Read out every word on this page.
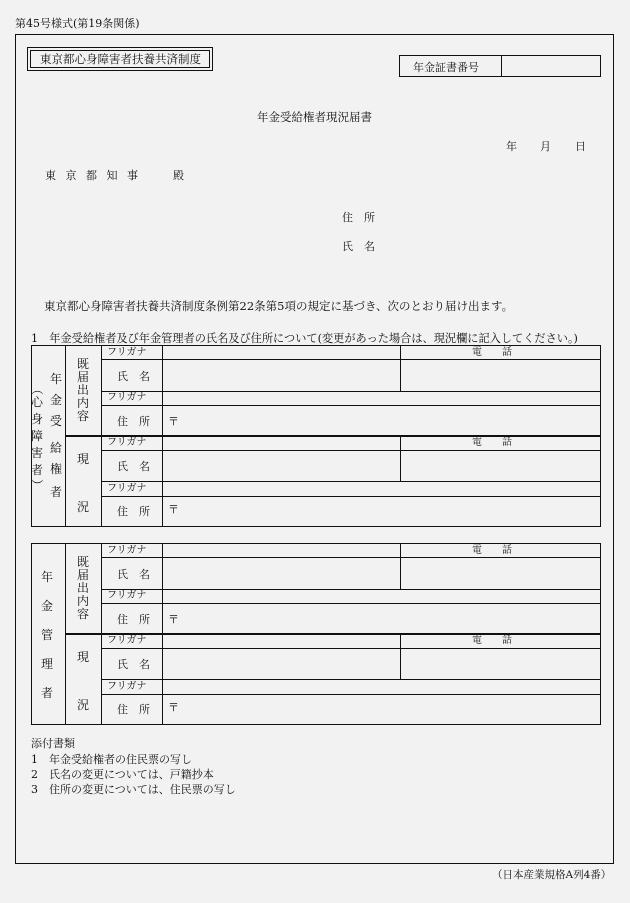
第45号様式(第19条関係)
東京都心身障害者扶養共済制度
年金証書番号
年金受給権者現況届書
年 月 日
東 京 都 知 事	殿
住　所
氏　名
東京都心身障害者扶養共済制度条例第22条第5項の規定に基づき、次のとおり届け出ます。
1　年金受給権者及び年金管理者の氏名及び住所について(変更があった場合は、現況欄に記入してください。)
年
金
受
給
権
者
（
心
身
障
害
者
）
既
届
出
内
容
現
況
フリガナ
氏　名
フリガナ
住　所
フリガナ
氏　名
フリガナ
住　所
〒
〒
電　　話
電　　話
年
金
管
理
者
既
届
出
内
容
現
況
フリガナ
氏　名
フリガナ
住　所
フリガナ
氏　名
フリガナ
住　所
〒
〒
電　　話
電　　話
添付書類
1　年金受給権者の住民票の写し
2　氏名の変更については、戸籍抄本
3　住所の変更については、住民票の写し
（日本産業規格A列4番）
